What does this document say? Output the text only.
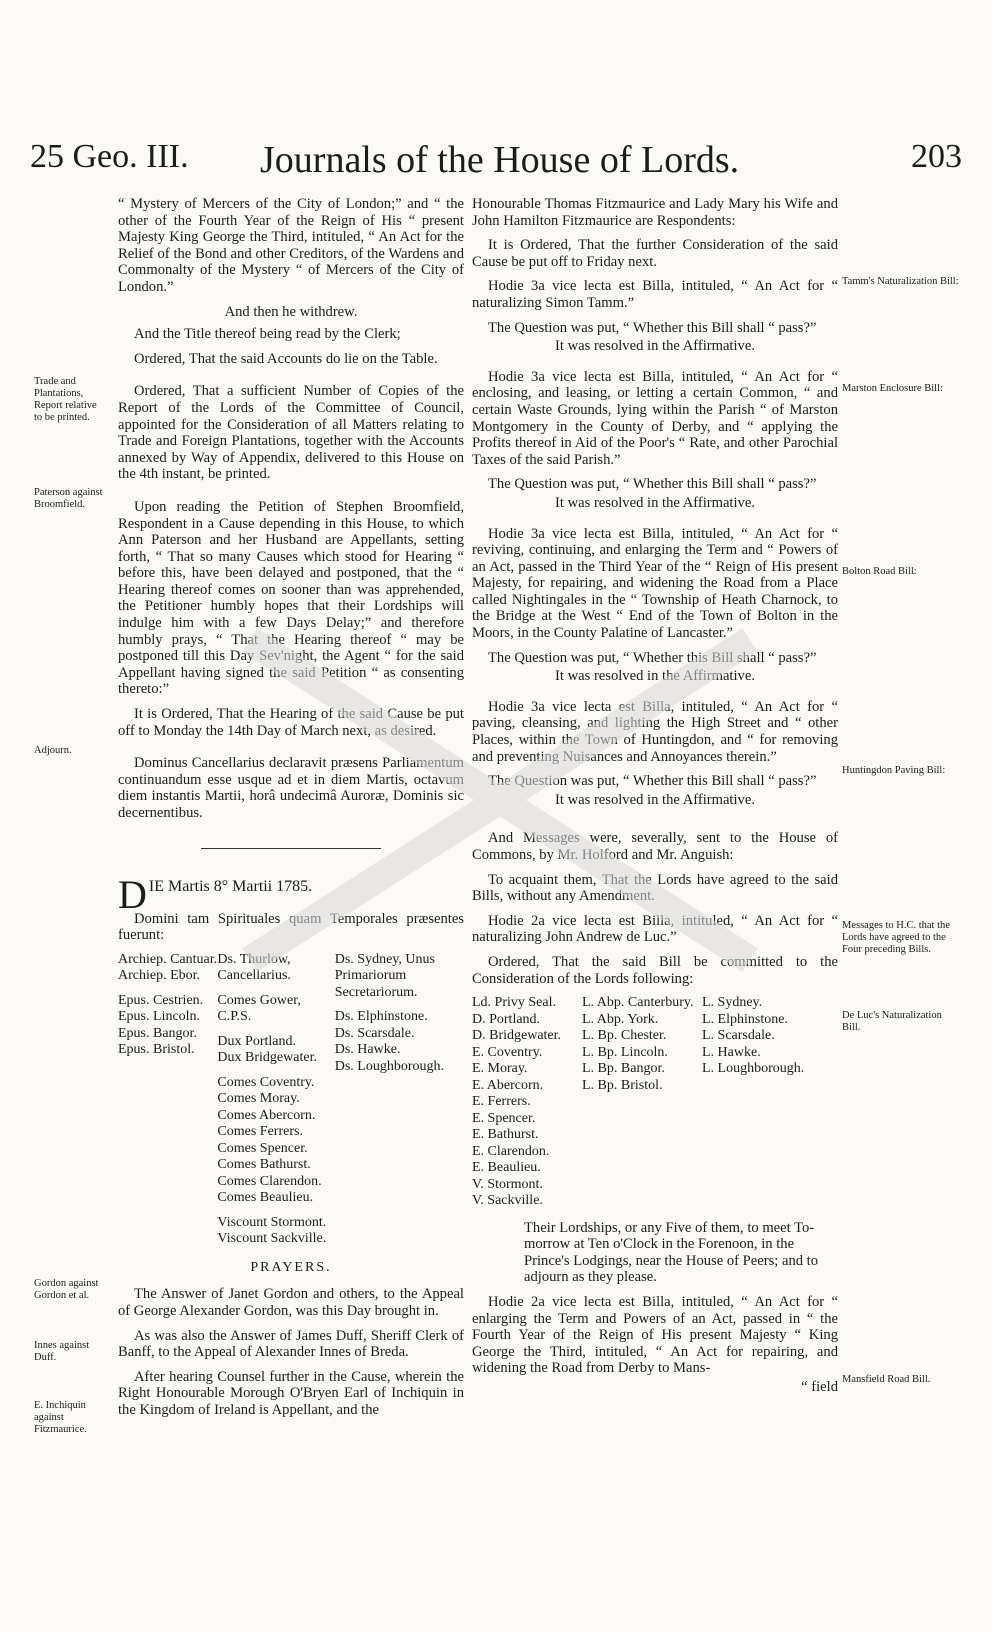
25 Geo. III. Journals of the House of Lords.	203
Trade and Plantations, Report relative to be printed.
Paterson against Broomfield.
Adjourn.
Gordon against Gordon et al.
Innes against Duff.
E. Inchiquin against Fitzmaurice.

“ Mystery of Mercers of the City of London;” and “ the other of the Fourth Year of the Reign of His “ present Majesty King George the Third, intituled, “ An Act for the Relief of the Bond and other Creditors, of the Wardens and Commonalty of the Mystery “ of Mercers of the City of London.”

And then he withdrew.

And the Title thereof being read by the Clerk;

Ordered, That the said Accounts do lie on the Table.

Ordered, That a sufficient Number of Copies of the Report of the Lords of the Committee of Council, appointed for the Consideration of all Matters relating to Trade and Foreign Plantations, together with the Accounts annexed by Way of Appendix, delivered to this House on the 4th instant, be printed.

Upon reading the Petition of Stephen Broomfield, Respondent in a Cause depending in this House, to which Ann Paterson and her Husband are Appellants, setting forth, “ That so many Causes which stood for Hearing “ before this, have been delayed and postponed, that the “ Hearing thereof comes on sooner than was apprehended, the Petitioner humbly hopes that their Lordships will indulge him with a few Days Delay;” and therefore humbly prays, “ That the Hearing thereof “ may be postponed till this Day Sev'night, the Agent “ for the said Appellant having signed the said Petition “ as consenting thereto:”

It is Ordered, That the Hearing of the said Cause be put off to Monday the 14th Day of March next, as desired.

Dominus Cancellarius declaravit præsens Parliamentum continuandum esse usque ad et in diem Martis, octavum diem instantis Martii, horâ undecimâ Auroræ, Dominis sic decernentibus.

D IE Martis 8° Martii 1785.

Domini tam Spirituales quam Temporales præsentes fuerunt:

Archiep. Cantuar.
Archiep. Ebor.
Epus. Cestrien.
Epus. Lincoln.
Epus. Bangor.
Epus. Bristol.
Ds. Thurlow, Cancellarius.
Comes Gower, C.P.S.
Dux Portland.
Dux Bridgewater.
Comes Coventry.
Comes Moray.
Comes Abercorn.
Comes Ferrers.
Comes Spencer.
Comes Bathurst.
Comes Clarendon.
Comes Beaulieu.
Viscount Stormont.
Viscount Sackville.
Ds. Sydney, Unus Primariorum Secretariorum.
Ds. Elphinstone.
Ds. Scarsdale.
Ds. Hawke.
Ds. Loughborough.
PRAYERS.

The Answer of Janet Gordon and others, to the Appeal of George Alexander Gordon, was this Day brought in.

As was also the Answer of James Duff, Sheriff Clerk of Banff, to the Appeal of Alexander Innes of Breda.

After hearing Counsel further in the Cause, wherein the Right Honourable Morough O'Bryen Earl of Inchiquin in the Kingdom of Ireland is Appellant, and the

Honourable Thomas Fitzmaurice and Lady Mary his Wife and John Hamilton Fitzmaurice are Respondents:

It is Ordered, That the further Consideration of the said Cause be put off to Friday next.

Hodie 3a vice lecta est Billa, intituled, “ An Act for “ naturalizing Simon Tamm.”

The Question was put, “ Whether this Bill shall “ pass?”

It was resolved in the Affirmative.

Hodie 3a vice lecta est Billa, intituled, “ An Act for “ enclosing, and leasing, or letting a certain Common, “ and certain Waste Grounds, lying within the Parish “ of Marston Montgomery in the County of Derby, and “ applying the Profits thereof in Aid of the Poor's “ Rate, and other Parochial Taxes of the said Parish.”

The Question was put, “ Whether this Bill shall “ pass?”

It was resolved in the Affirmative.

Hodie 3a vice lecta est Billa, intituled, “ An Act for “ reviving, continuing, and enlarging the Term and “ Powers of an Act, passed in the Third Year of the “ Reign of His present Majesty, for repairing, and widening the Road from a Place called Nightingales in the “ Township of Heath Charnock, to the Bridge at the West “ End of the Town of Bolton in the Moors, in the County Palatine of Lancaster.”

The Question was put, “ Whether this Bill shall “ pass?”

It was resolved in the Affirmative.

Hodie 3a vice lecta est Billa, intituled, “ An Act for “ paving, cleansing, and lighting the High Street and “ other Places, within the Town of Huntingdon, and “ for removing and preventing Nuisances and Annoyances therein.”

The Question was put, “ Whether this Bill shall “ pass?”

It was resolved in the Affirmative.

And Messages were, severally, sent to the House of Commons, by Mr. Holford and Mr. Anguish:

To acquaint them, That the Lords have agreed to the said Bills, without any Amendment.

Hodie 2a vice lecta est Billa, intituled, “ An Act for “ naturalizing John Andrew de Luc.”

Ordered, That the said Bill be committed to the Consideration of the Lords following:

Ld. Privy Seal.
D. Portland.
D. Bridgewater.
E. Coventry.
E. Moray.
E. Abercorn.
E. Ferrers.
E. Spencer.
E. Bathurst.
E. Clarendon.
E. Beaulieu.
V. Stormont.
V. Sackville.
L. Abp. Canterbury.
L. Abp. York.
L. Bp. Chester.
L. Bp. Lincoln.
L. Bp. Bangor.
L. Bp. Bristol.
L. Sydney.
L. Elphinstone.
L. Scarsdale.
L. Hawke.
L. Loughborough.

Their Lordships, or any Five of them, to meet To-morrow at Ten o'Clock in the Forenoon, in the Prince's Lodgings, near the House of Peers; and to adjourn as they please.

Hodie 2a vice lecta est Billa, intituled, “ An Act for “ enlarging the Term and Powers of an Act, passed in “ the Fourth Year of the Reign of His present Majesty “ King George the Third, intituled, “ An Act for repairing, and widening the Road from Derby to Mans-

“ field

Tamm's Naturalization Bill:
Marston Enclosure Bill:
Bolton Road Bill:
Huntingdon Paving Bill:
Messages to H.C. that the Lords have agreed to the Four preceding Bills.
De Luc's Naturalization Bill.
Mansfield Road Bill.
